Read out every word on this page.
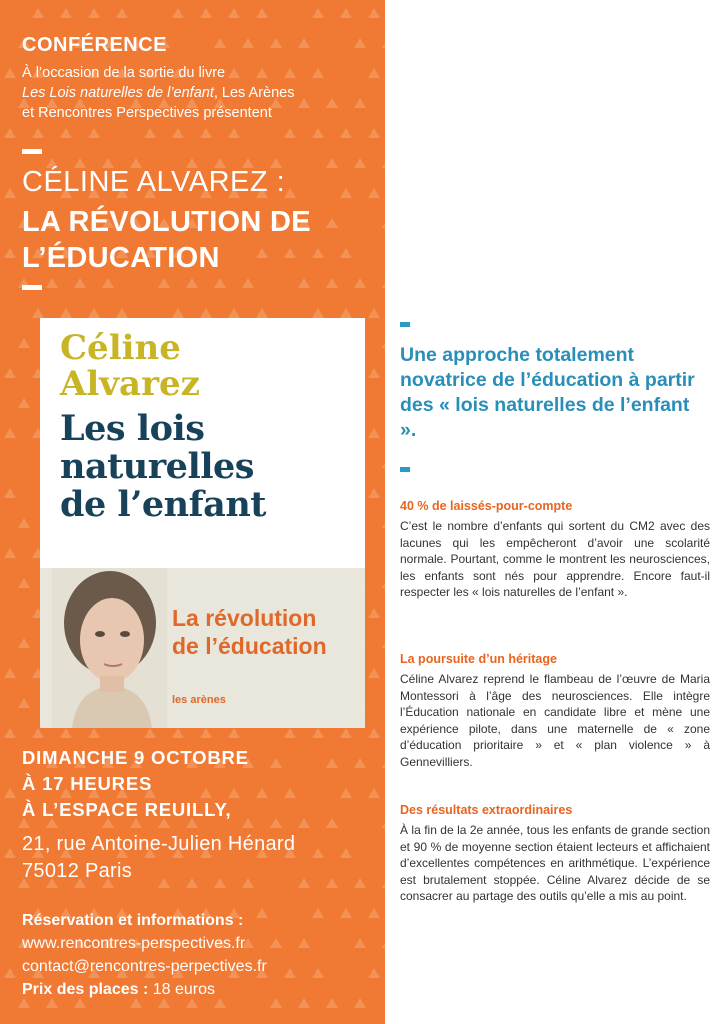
CONFÉRENCE
À l’occasion de la sortie du livre
Les Lois naturelles de l’enfant, Les Arènes
et Rencontres Perspectives présentent
CÉLINE ALVAREZ :
LA RÉVOLUTION DE
L’ÉDUCATION
Céline
Alvarez
Les lois
naturelles
de l’enfant
La révolution
de l’éducation
les arènes
DIMANCHE 9 OCTOBRE
À 17 HEURES
À L’ESPACE REUILLY,
21, rue Antoine-Julien Hénard
75012 Paris
Réservation et informations :
www.rencontres-perspectives.fr
contact@rencontres-perpectives.fr
Prix des places : 18 euros
Une approche totalement novatrice de l’éducation à partir des « lois naturelles de l’enfant ».
40 % de laissés-pour-compte
C’est le nombre d’enfants qui sortent du CM2 avec des lacunes qui les empêcheront d’avoir une scolarité normale. Pourtant, comme le montrent les neurosciences, les enfants sont nés pour apprendre. Encore faut-il respecter les « lois naturelles de l’enfant ».
La poursuite d’un héritage
Céline Alvarez reprend le flambeau de l’œuvre de Maria Montessori à l’âge des neurosciences. Elle intègre l’Éducation nationale en candidate libre et mène une expérience pilote, dans une maternelle de « zone d’éducation prioritaire » et « plan violence » à Gennevilliers.
Des résultats extraordinaires
À la fin de la 2e année, tous les enfants de grande section et 90 % de moyenne section étaient lecteurs et affichaient d’excellentes compétences en arithmétique. L’expérience est brutalement stoppée. Céline Alvarez décide de se consacrer au partage des outils qu’elle a mis au point.
